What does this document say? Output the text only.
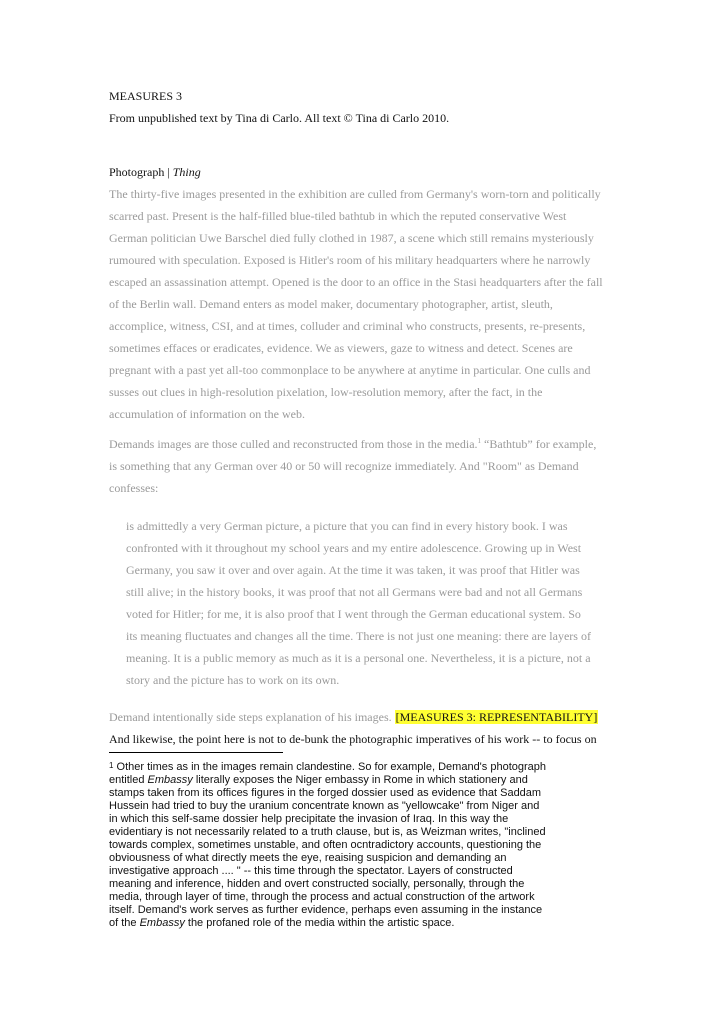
MEASURES 3
From unpublished text by Tina di Carlo. All text © Tina di Carlo 2010.
Photograph | Thing
The thirty-five images presented in the exhibition are culled from Germany's worn-torn and politically
scarred past. Present is the half-filled blue-tiled bathtub in which the reputed conservative West
German politician Uwe Barschel died fully clothed in 1987, a scene which still remains mysteriously
rumoured with speculation. Exposed is Hitler's room of his military headquarters where he narrowly
escaped an assassination attempt. Opened is the door to an office in the Stasi headquarters after the fall
of the Berlin wall. Demand enters as model maker, documentary photographer, artist, sleuth,
accomplice, witness, CSI, and at times, colluder and criminal who constructs, presents, re-presents,
sometimes effaces or eradicates, evidence. We as viewers, gaze to witness and detect. Scenes are
pregnant with a past yet all-too commonplace to be anywhere at anytime in particular. One culls and
susses out clues in high-resolution pixelation, low-resolution memory, after the fact, in the
accumulation of information on the web.
Demands images are those culled and reconstructed from those in the media.$^1$ “Bathtub” for example,
is something that any German over 40 or 50 will recognize immediately. And "Room" as Demand
confesses:
is admittedly a very German picture, a picture that you can find in every history book. I was
confronted with it throughout my school years and my entire adolescence. Growing up in West
Germany, you saw it over and over again. At the time it was taken, it was proof that Hitler was
still alive; in the history books, it was proof that not all Germans were bad and not all Germans
voted for Hitler; for me, it is also proof that I went through the German educational system. So
its meaning fluctuates and changes all the time. There is not just one meaning: there are layers of
meaning. It is a public memory as much as it is a personal one. Nevertheless, it is a picture, not a
story and the picture has to work on its own.
Demand intentionally side steps explanation of his images. [MEASURES 3: REPRESENTABILITY]
And likewise, the point here is not to de-bunk the photographic imperatives of his work -- to focus on
$^1$ Other times as in the images remain clandestine. So for example, Demand's photograph
entitled Embassy literally exposes the Niger embassy in Rome in which stationery and
stamps taken from its offices figures in the forged dossier used as evidence that Saddam
Hussein had tried to buy the uranium concentrate known as "yellowcake" from Niger and
in which this self-same dossier help precipitate the invasion of Iraq. In this way the
evidentiary is not necessarily related to a truth clause, but is, as Weizman writes, "inclined
towards complex, sometimes unstable, and often ocntradictory accounts, questioning the
obviousness of what directly meets the eye, reaising suspicion and demanding an
investigative approach .... " -- this time through the spectator. Layers of constructed
meaning and inference, hidden and overt constructed socially, personally, through the
media, through layer of time, through the process and actual construction of the artwork
itself. Demand's work serves as further evidence, perhaps even assuming in the instance
of the Embassy the profaned role of the media within the artistic space.
